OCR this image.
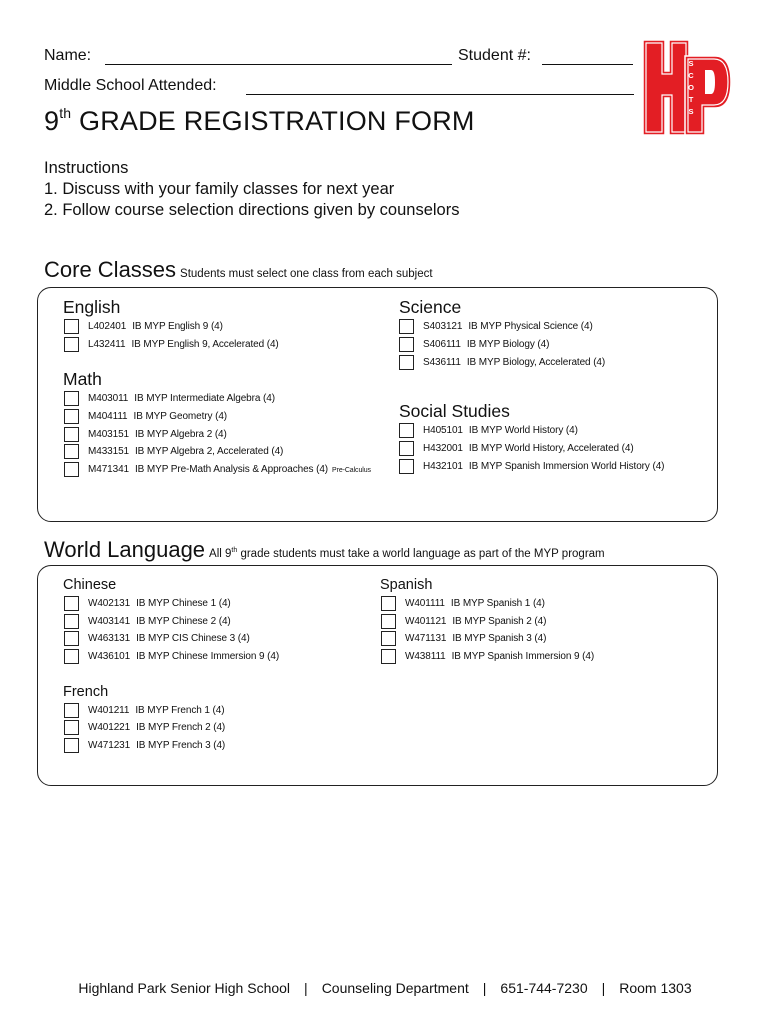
Name:	Student #:
Middle School Attended:
SCOTS
9th GRADE REGISTRATION FORM
Instructions
1. Discuss with your family classes for next year
2. Follow course selection directions given by counselors
Core Classes Students must select one class from each subject
English
L402401 IB MYP English 9 (4)
L432411 IB MYP English 9, Accelerated (4)
Math
M403011 IB MYP Intermediate Algebra (4)
M404111 IB MYP Geometry (4)
M403151 IB MYP Algebra 2 (4)
M433151 IB MYP Algebra 2, Accelerated (4)
M471341 IB MYP Pre-Math Analysis & Approaches (4) Pre-Calculus
Science
S403121 IB MYP Physical Science (4)
S406111 IB MYP Biology (4)
S436111 IB MYP Biology, Accelerated (4)
Social Studies
H405101 IB MYP World History (4)
H432001 IB MYP World History, Accelerated (4)
H432101 IB MYP Spanish Immersion World History (4)
World Language All 9th grade students must take a world language as part of the MYP program
Chinese
W402131 IB MYP Chinese 1 (4)
W403141 IB MYP Chinese 2 (4)
W463131 IB MYP CIS Chinese 3 (4)
W436101 IB MYP Chinese Immersion 9 (4)
Spanish
W401111 IB MYP Spanish 1 (4)
W401121 IB MYP Spanish 2 (4)
W471131 IB MYP Spanish 3 (4)
W438111 IB MYP Spanish Immersion 9 (4)
French
W401211 IB MYP French 1 (4)
W401221 IB MYP French 2 (4)
W471231 IB MYP French 3 (4)
Highland Park Senior High School | Counseling Department | 651-744-7230 | Room 1303
